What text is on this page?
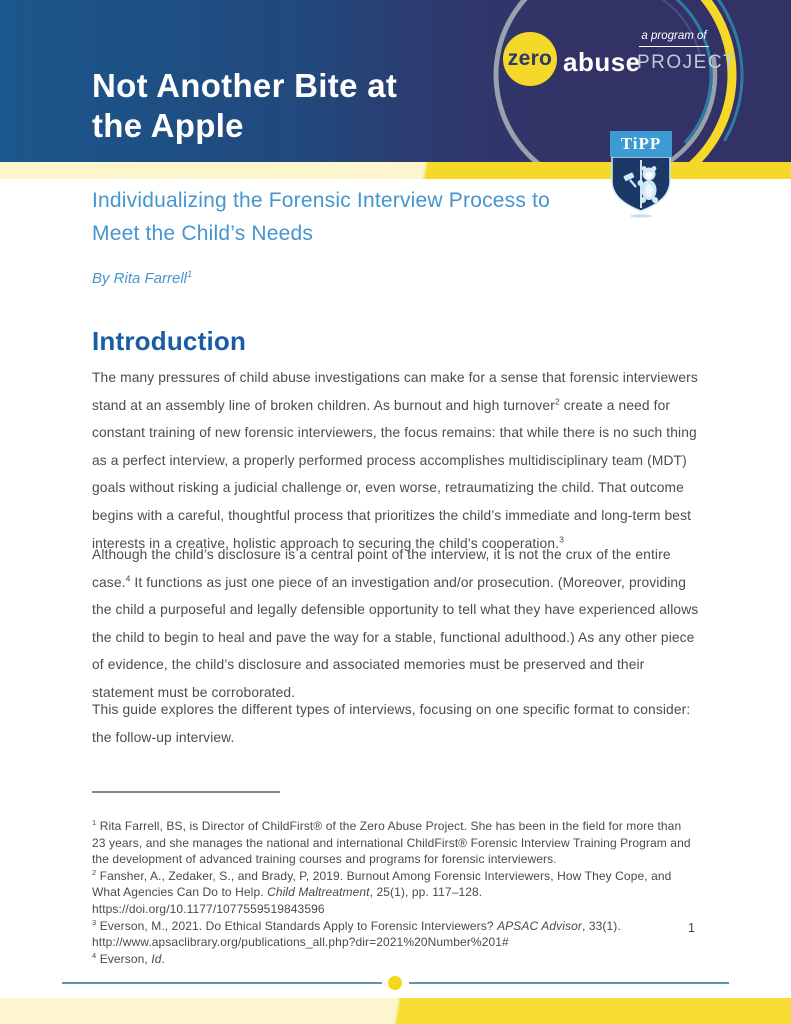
a program of
zero abuse
PROJECT
Not Another Bite at
the Apple	TiPP

Individualizing the Forensic Interview Process to Meet the Child’s Needs

By Rita Farrell$^1$

Introduction

The many pressures of child abuse investigations can make for a sense that forensic interviewers stand at an assembly line of broken children. As burnout and high turnover$^2$ create a need for constant training of new forensic interviewers, the focus remains: that while there is no such thing as a perfect interview, a properly performed process accomplishes multidisciplinary team (MDT) goals without risking a judicial challenge or, even worse, retraumatizing the child. That outcome begins with a careful, thoughtful process that prioritizes the child’s immediate and long-term best interests in a creative, holistic approach to securing the child’s cooperation.$^3$

Although the child’s disclosure is a central point of the interview, it is not the crux of the entire case.$^4$ It functions as just one piece of an investigation and/or prosecution. (Moreover, providing the child a purposeful and legally defensible opportunity to tell what they have experienced allows the child to begin to heal and pave the way for a stable, functional adulthood.) As any other piece of evidence, the child’s disclosure and associated memories must be preserved and their statement must be corroborated.

This guide explores the different types of interviews, focusing on one specific format to consider: the follow-up interview.

$^1$ Rita Farrell, BS, is Director of ChildFirst® of the Zero Abuse Project. She has been in the field for more than 23 years, and she manages the national and international ChildFirst® Forensic Interview Training Program and the development of advanced training courses and programs for forensic interviewers.

$^2$ Fansher, A., Zedaker, S., and Brady, P, 2019. Burnout Among Forensic Interviewers, How They Cope, and What Agencies Can Do to Help. Child Maltreatment, 25(1), pp. 117–128. https://doi.org/10.1177/1077559519843596

$^3$ Everson, M., 2021. Do Ethical Standards Apply to Forensic Interviewers? APSAC Advisor, 33(1). http://www.apsaclibrary.org/publications_all.php?dir=2021%20Number%201#

$^4$ Everson, Id.

1
